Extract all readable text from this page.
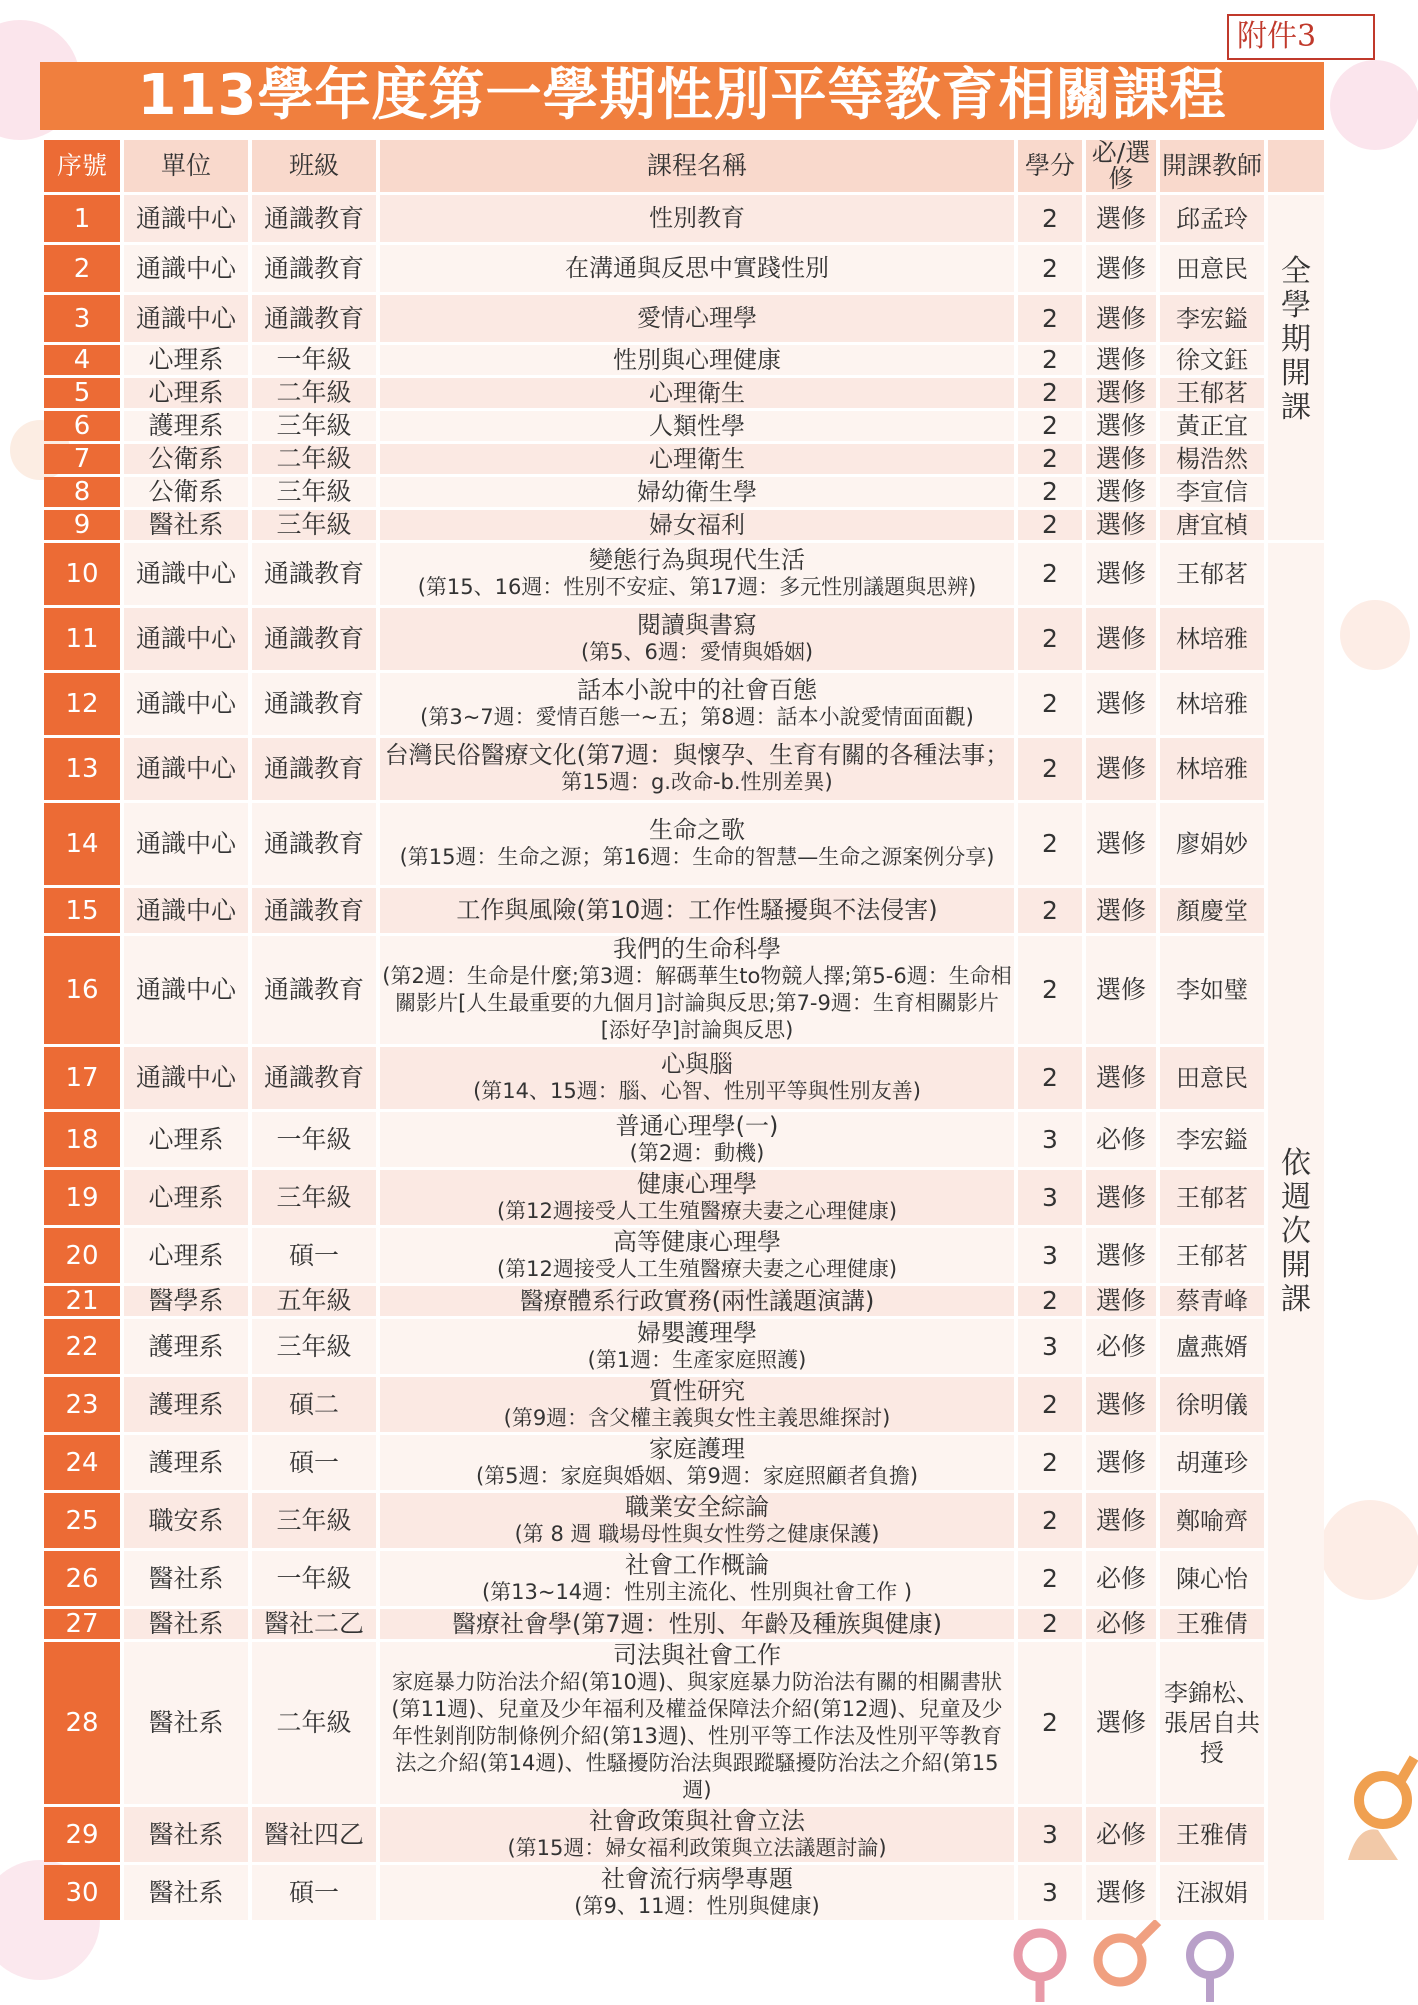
附件3
113學年度第一學期性別平等教育相關課程
序號	單位	班級	課程名稱	學分	必/選修	開課教師	
1	通識中心	通識教育	性別教育	2	選修	邱孟玲	全
學
期
開
課

2	通識中心	通識教育	在溝通與反思中實踐性別	2	選修	田意民	
3	通識中心	通識教育	愛情心理學	2	選修	李宏鎰	
4	心理系	一年級	性別與心理健康	2	選修	徐文鈺	
5	心理系	二年級	心理衛生	2	選修	王郁茗	
6	護理系	三年級	人類性學	2	選修	黃正宜	
7	公衛系	二年級	心理衛生	2	選修	楊浩然	
8	公衛系	三年級	婦幼衛生學	2	選修	李宣信	
9	醫社系	三年級	婦女福利	2	選修	唐宜楨	
10	通識中心	通識教育	變態行為與現代生活
(第15、16週：性別不安症、第17週：多元性別議題與思辨)	2	選修	王郁茗	依
週
次
開
課

11	通識中心	通識教育	閱讀與書寫
(第5、6週：愛情與婚姻)	2	選修	林培雅	
12	通識中心	通識教育	話本小說中的社會百態
(第3~7週：愛情百態一~五；第8週：話本小說愛情面面觀)	2	選修	林培雅	
13	通識中心	通識教育	台灣民俗醫療文化(第7週：與懷孕、生育有關的各種法事；
第15週：g.改命-b.性別差異)	2	選修	林培雅	
14	通識中心	通識教育	生命之歌
(第15週：生命之源；第16週：生命的智慧—生命之源案例分享)	2	選修	廖娟妙	
15	通識中心	通識教育	工作與風險(第10週：工作性騷擾與不法侵害)	2	選修	顏慶堂	
16	通識中心	通識教育	我們的生命科學
(第2週：生命是什麼;第3週：解碼華生to物競人擇;第5-6週：生命相關影片[人生最重要的九個月]討論與反思;第7-9週：生育相關影片[添好孕]討論與反思)	2	選修	李如璧	
17	通識中心	通識教育	心與腦
(第14、15週：腦、心智、性別平等與性別友善)	2	選修	田意民	
18	心理系	一年級	普通心理學(一)
(第2週：動機)	3	必修	李宏鎰	
19	心理系	三年級	健康心理學
(第12週接受人工生殖醫療夫妻之心理健康)	3	選修	王郁茗	
20	心理系	碩一	高等健康心理學
(第12週接受人工生殖醫療夫妻之心理健康)	3	選修	王郁茗	
21	醫學系	五年級	醫療體系行政實務(兩性議題演講)	2	選修	蔡青峰	
22	護理系	三年級	婦嬰護理學
(第1週：生產家庭照護)	3	必修	盧燕婿	
23	護理系	碩二	質性研究
(第9週：含父權主義與女性主義思維探討)	2	選修	徐明儀	
24	護理系	碩一	家庭護理
(第5週：家庭與婚姻、第9週：家庭照顧者負擔)	2	選修	胡蓮珍	
25	職安系	三年級	職業安全綜論
(第 8 週 職場母性與女性勞之健康保護)	2	選修	鄭喻齊	
26	醫社系	一年級	社會工作概論
(第13~14週：性別主流化、性別與社會工作 )	2	必修	陳心怡	
27	醫社系	醫社二乙	醫療社會學(第7週：性別、年齡及種族與健康)	2	必修	王雅倩	
28	醫社系	二年級	司法與社會工作
家庭暴力防治法介紹(第10週)、與家庭暴力防治法有關的相關書狀(第11週)、兒童及少年福利及權益保障法介紹(第12週)、兒童及少年性剝削防制條例介紹(第13週)、性別平等工作法及性別平等教育法之介紹(第14週)、性騷擾防治法與跟蹤騷擾防治法之介紹(第15週)	2	選修	李錦松、張居自共授	
29	醫社系	醫社四乙	社會政策與社會立法
(第15週：婦女福利政策與立法議題討論)	3	必修	王雅倩	
30	醫社系	碩一	社會流行病學專題
(第9、11週：性別與健康)	3	選修	汪淑娟	
